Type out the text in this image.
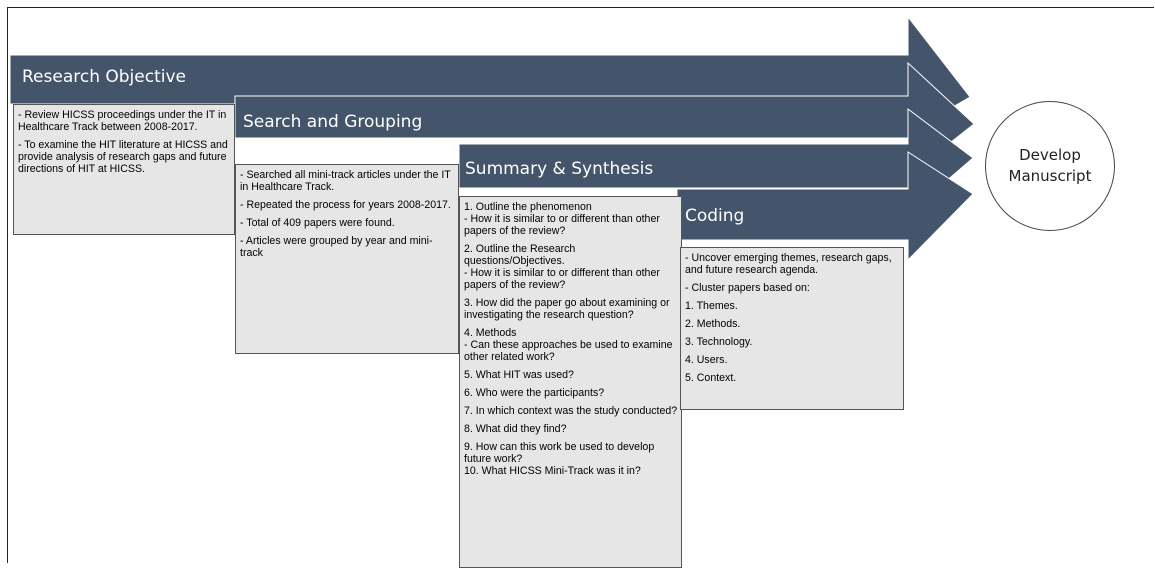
Research Objective
Search and Grouping
Summary & Synthesis
Coding

- Review HICSS proceedings under the IT in Healthcare Track between 2008-2017.

- To examine the HIT literature at HICSS and provide analysis of research gaps and future directions of HIT at HICSS.	- Searched all mini-track articles under the IT in Healthcare Track.

- Repeated the process for years 2008-2017.

- Total of 409 papers were found.

- Articles were grouped by year and mini-track

1. Outline the phenomenon

- How it is similar to or different than other papers of the review?

2. Outline the Research questions/Objectives.

- How it is similar to or different than other papers of the review?

3. How did the paper go about examining or investigating the research question?

4. Methods

- Can these approaches be used to examine other related work?

5. What HIT was used?

6. Who were the participants?

7. In which context was the study conducted?

8. What did they find?

9. How can this work be used to develop future work?
10. What HICSS Mini-Track was it in?

- Uncover emerging themes, research gaps, and future research agenda.

- Cluster papers based on:

1. Themes.

2. Methods.

3. Technology.

4. Users.

5. Context.

Develop
Manuscript
